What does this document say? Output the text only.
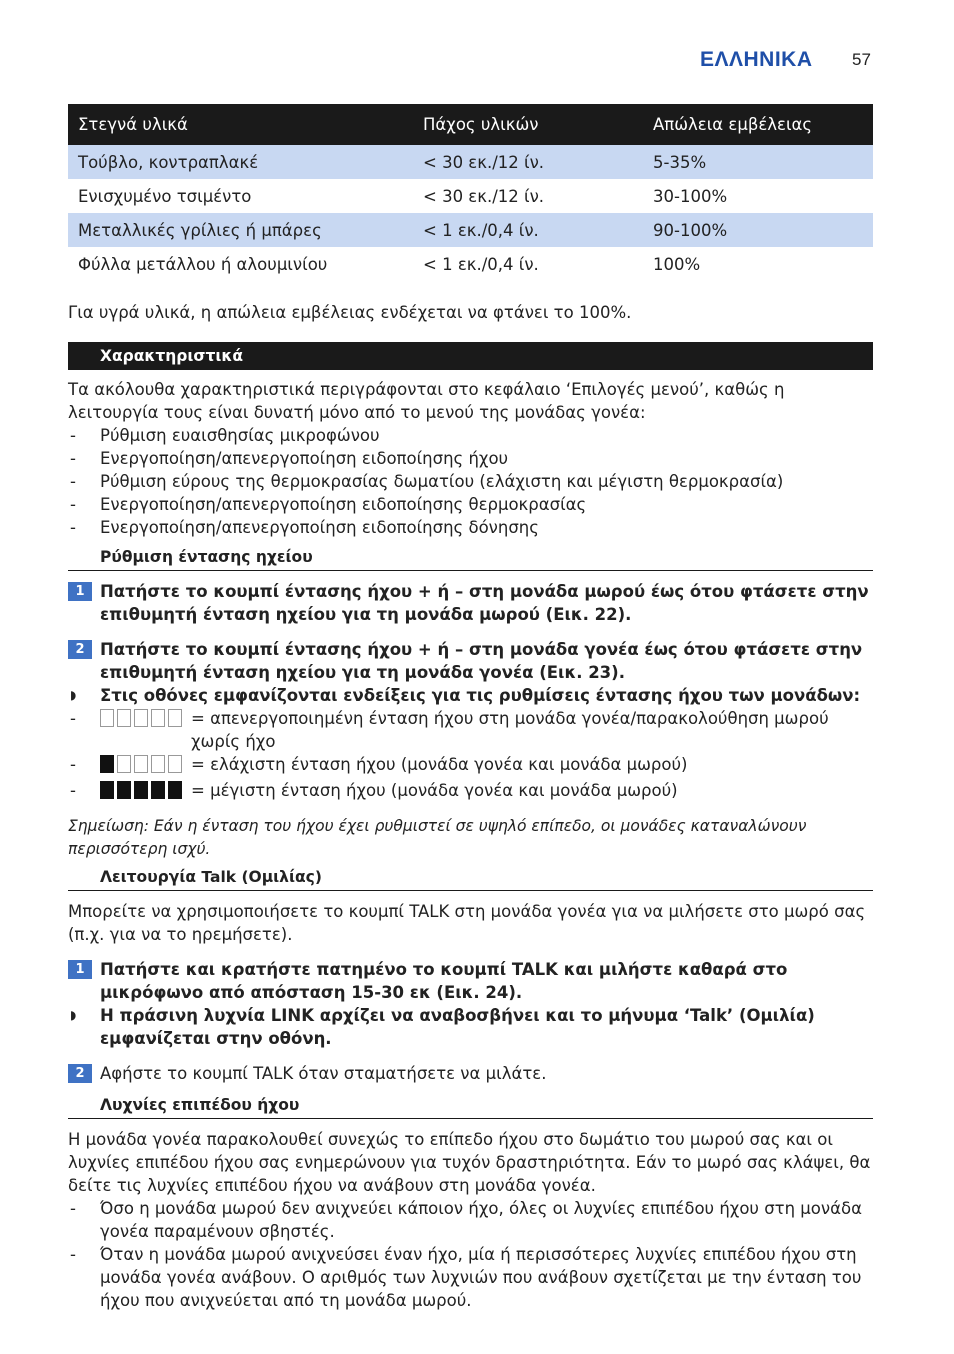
ΕΛΛΗΝΙΚΑ 57
Στεγνά υλικά	Πάχος υλικών	Απώλεια εμβέλειας
Τούβλο, κοντραπλακέ	< 30 εκ./12 ίν.	5-35%
Ενισχυμένο τσιμέντο	< 30 εκ./12 ίν.	30-100%
Μεταλλικές γρίλιες ή μπάρες	< 1 εκ./0,4 ίν.	90-100%
Φύλλα μετάλλου ή αλουμινίου	< 1 εκ./0,4 ίν.	100%
Για υγρά υλικά, η απώλεια εμβέλειας ενδέχεται να φτάνει το 100%.
Χαρακτηριστικά
Τα ακόλουθα χαρακτηριστικά περιγράφονται στο κεφάλαιο ‘Επιλογές μενού’, καθώς η λειτουργία τους είναι δυνατή μόνο από το μενού της μονάδας γονέα:
- Ρύθμιση ευαισθησίας μικροφώνου
- Ενεργοποίηση/απενεργοποίηση ειδοποίησης ήχου
- Ρύθμιση εύρους της θερμοκρασίας δωματίου (ελάχιστη και μέγιστη θερμοκρασία)
- Ενεργοποίηση/απενεργοποίηση ειδοποίησης θερμοκρασίας
- Ενεργοποίηση/απενεργοποίηση ειδοποίησης δόνησης
Ρύθμιση έντασης ηχείου
1 Πατήστε το κουμπί έντασης ήχου + ή – στη μονάδα μωρού έως ότου φτάσετε στην επιθυμητή ένταση ηχείου για τη μονάδα μωρού (Εικ. 22).
2 Πατήστε το κουμπί έντασης ήχου + ή – στη μονάδα γονέα έως ότου φτάσετε στην επιθυμητή ένταση ηχείου για τη μονάδα γονέα (Εικ. 23).
◗ Στις οθόνες εμφανίζονται ενδείξεις για τις ρυθμίσεις έντασης ήχου των μονάδων:
-	= απενεργοποιημένη ένταση ήχου στη μονάδα γονέα/παρακολούθηση μωρού χωρίς ήχο
-	= ελάχιστη ένταση ήχου (μονάδα γονέα και μονάδα μωρού)
-	= μέγιστη ένταση ήχου (μονάδα γονέα και μονάδα μωρού)
Σημείωση: Εάν η ένταση του ήχου έχει ρυθμιστεί σε υψηλό επίπεδο, οι μονάδες καταναλώνουν περισσότερη ισχύ.
Λειτουργία Talk (Ομιλίας)
Μπορείτε να χρησιμοποιήσετε το κουμπί TALK στη μονάδα γονέα για να μιλήσετε στο μωρό σας (π.χ. για να το ηρεμήσετε).
1 Πατήστε και κρατήστε πατημένο το κουμπί TALK και μιλήστε καθαρά στο μικρόφωνο από απόσταση 15-30 εκ (Εικ. 24).
◗ Η πράσινη λυχνία LINK αρχίζει να αναβοσβήνει και το μήνυμα ‘Talk’ (Ομιλία) εμφανίζεται στην οθόνη.
2 Αφήστε το κουμπί TALK όταν σταματήσετε να μιλάτε.
Λυχνίες επιπέδου ήχου
Η μονάδα γονέα παρακολουθεί συνεχώς το επίπεδο ήχου στο δωμάτιο του μωρού σας και οι λυχνίες επιπέδου ήχου σας ενημερώνουν για τυχόν δραστηριότητα. Εάν το μωρό σας κλάψει, θα δείτε τις λυχνίες επιπέδου ήχου να ανάβουν στη μονάδα γονέα.
- Όσο η μονάδα μωρού δεν ανιχνεύει κάποιον ήχο, όλες οι λυχνίες επιπέδου ήχου στη μονάδα γονέα παραμένουν σβηστές.
- Όταν η μονάδα μωρού ανιχνεύσει έναν ήχο, μία ή περισσότερες λυχνίες επιπέδου ήχου στη μονάδα γονέα ανάβουν. Ο αριθμός των λυχνιών που ανάβουν σχετίζεται με την ένταση του ήχου που ανιχνεύεται από τη μονάδα μωρού.
